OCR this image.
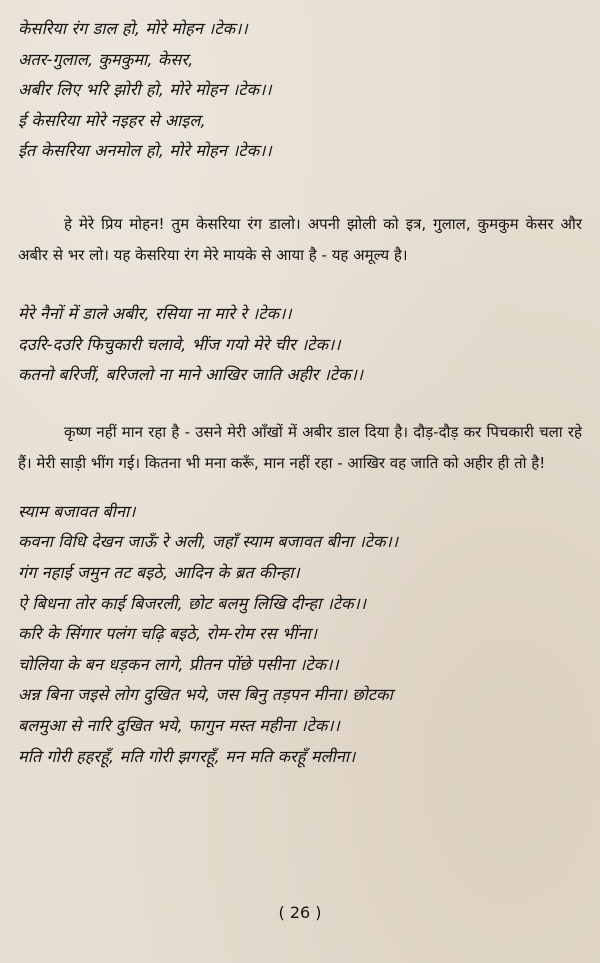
केसरिया रंग डाल हो, मोरे मोहन ।टेक।।
अतर-गुलाल, कुमकुमा, केसर,
अबीर लिए भरि झोरी हो, मोरे मोहन ।टेक।।
ई केसरिया मोरे नइहर से आइल,
ईत केसरिया अनमोल हो, मोरे मोहन ।टेक।।

हे मेरे प्रिय मोहन! तुम केसरिया रंग डालो। अपनी झोली को इत्र, गुलाल, कुमकुम केसर और अबीर से भर लो। यह केसरिया रंग मेरे मायके से आया है - यह अमूल्य है।

मेरे नैनों में डाले अबीर, रसिया ना मारे रे ।टेक।।
दउरि-दउरि फिचुकारी चलावे, भींज गयो मेरे चीर ।टेक।।
कतनो बरिजीं, बरिजलो ना माने आखिर जाति अहीर ।टेक।।

कृष्ण नहीं मान रहा है - उसने मेरी आँखों में अबीर डाल दिया है। दौड़-दौड़ कर पिचकारी चला रहे हैं। मेरी साड़ी भींग गई। कितना भी मना करूँ, मान नहीं रहा - आखिर वह जाति को अहीर ही तो है!

स्याम बजावत बीना।
कवना विधि देखन जाऊँ रे अली, जहाँ स्याम बजावत बीना ।टेक।।
गंग नहाई जमुन तट बइठे, आदिन के ब्रत कीन्हा।
ऐ बिधना तोर काई बिजरली, छोट बलमु लिखि दीन्हा ।टेक।।
करि के सिंगार पलंग चढ़ि बइठे, रोम-रोम रस भींना।
चोलिया के बन धड़कन लागे, प्रीतन पोंछे पसीना ।टेक।।
अन्न बिना जइसे लोग दुखित भये, जस बिनु तड़पन मीना। छोटका
बलमुआ से नारि दुखित भये, फागुन मस्त महीना ।टेक।।
मति गोरी हहरहूँ, मति गोरी झगरहूँ, मन मति करहूँ मलीना।
( 26 )
